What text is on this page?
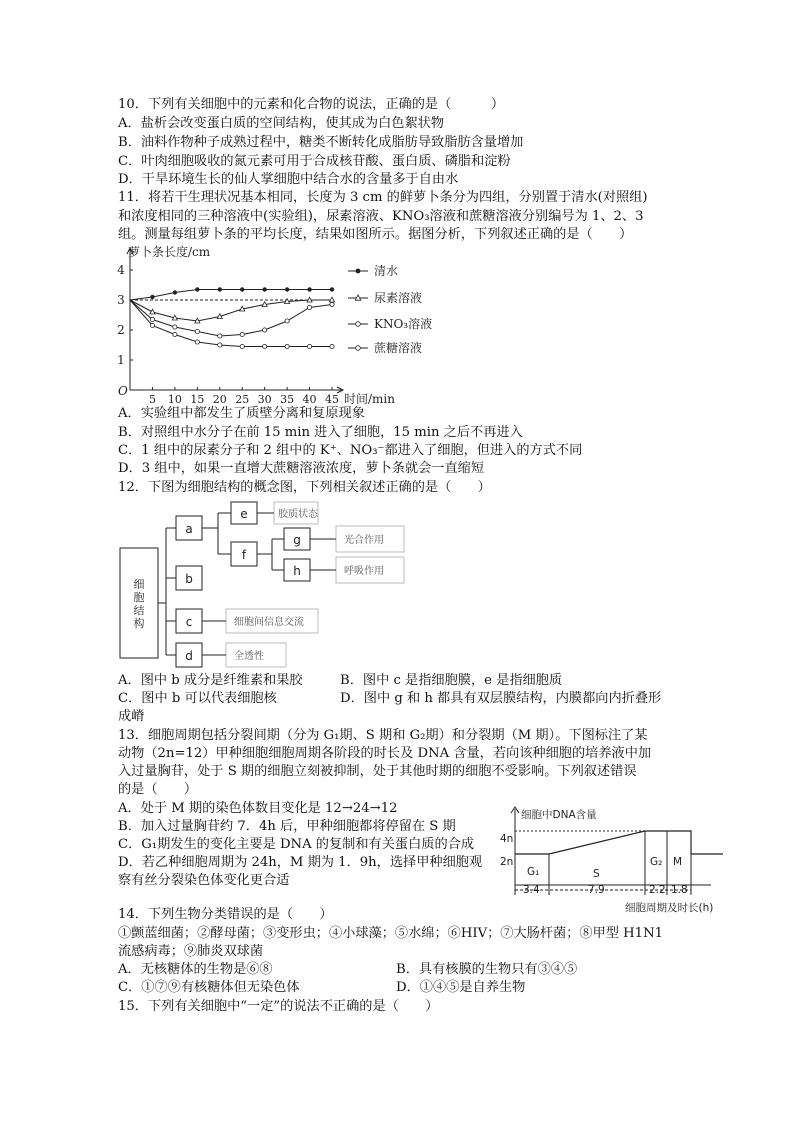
10．下列有关细胞中的元素和化合物的说法，正确的是（　　　）
A．盐析会改变蛋白质的空间结构，使其成为白色絮状物
B．油料作物种子成熟过程中，糖类不断转化成脂肪导致脂肪含量增加
C．叶肉细胞吸收的氮元素可用于合成核苷酸、蛋白质、磷脂和淀粉
D．干旱环境生长的仙人掌细胞中结合水的含量多于自由水
11．将若干生理状况基本相同，长度为 3 cm 的鲜萝卜条分为四组，分别置于清水(对照组)
和浓度相同的三种溶液中(实验组)，尿素溶液、KNO₃溶液和蔗糖溶液分别编号为 1、2、3
组。测量每组萝卜条的平均长度，结果如图所示。据图分析，下列叙述正确的是（　　）
萝卜条长度/cm
O
1
2
3
4
5 10 15 20 25 30 35 40 45 时间/min
清水
尿素溶液
KNO₃溶液
蔗糖溶液
A．实验组中都发生了质壁分离和复原现象
B．对照组中水分子在前 15 min 进入了细胞，15 min 之后不再进入
C．1 组中的尿素分子和 2 组中的 K⁺、NO₃⁻都进入了细胞，但进入的方式不同
D．3 组中，如果一直增大蔗糖溶液浓度，萝卜条就会一直缩短
12．下图为细胞结构的概念图，下列相关叙述正确的是（　　）
a
b
c
d
e
f
g
h
胶质状态
光合作用
呼吸作用
细胞间信息交流
全透性
细
胞
结
构
A．图中 b 成分是纤维素和果胶	B．图中 c 是指细胞膜，e 是指细胞质
C．图中 b 可以代表细胞核	D．图中 g 和 h 都具有双层膜结构，内膜都向内折叠形
成嵴
13．细胞周期包括分裂间期（分为 G₁期、S 期和 G₂期）和分裂期（M 期）。下图标注了某
动物（2n=12）甲种细胞细胞周期各阶段的时长及 DNA 含量，若向该种细胞的培养液中加
入过量胸苷，处于 S 期的细胞立刻被抑制，处于其他时期的细胞不受影响。下列叙述错误
的是（　　）
A．处于 M 期的染色体数目变化是 12→24→12
B．加入过量胸苷约 7．4h 后，甲种细胞都将停留在 S 期
C．G₁期发生的变化主要是 DNA 的复制和有关蛋白质的合成
D．若乙种细胞周期为 24h，M 期为 1．9h，选择甲种细胞观
察有丝分裂染色体变化更合适
细胞中DNA含量
4n
2n
G₁	S
G₂ M
3.4	7.9	2.2 1.8
细胞周期及时长(h)
14．下列生物分类错误的是（　　）
①颤蓝细菌；②酵母菌；③变形虫；④小球藻；⑤水绵；⑥HIV；⑦大肠杆菌；⑧甲型 H1N1
流感病毒；⑨肺炎双球菌
A．无核糖体的生物是⑥⑧	B．具有核膜的生物只有③④⑤
C．①⑦⑨有核糖体但无染色体	D．①④⑤是自养生物
15．下列有关细胞中“一定”的说法不正确的是（　　）
